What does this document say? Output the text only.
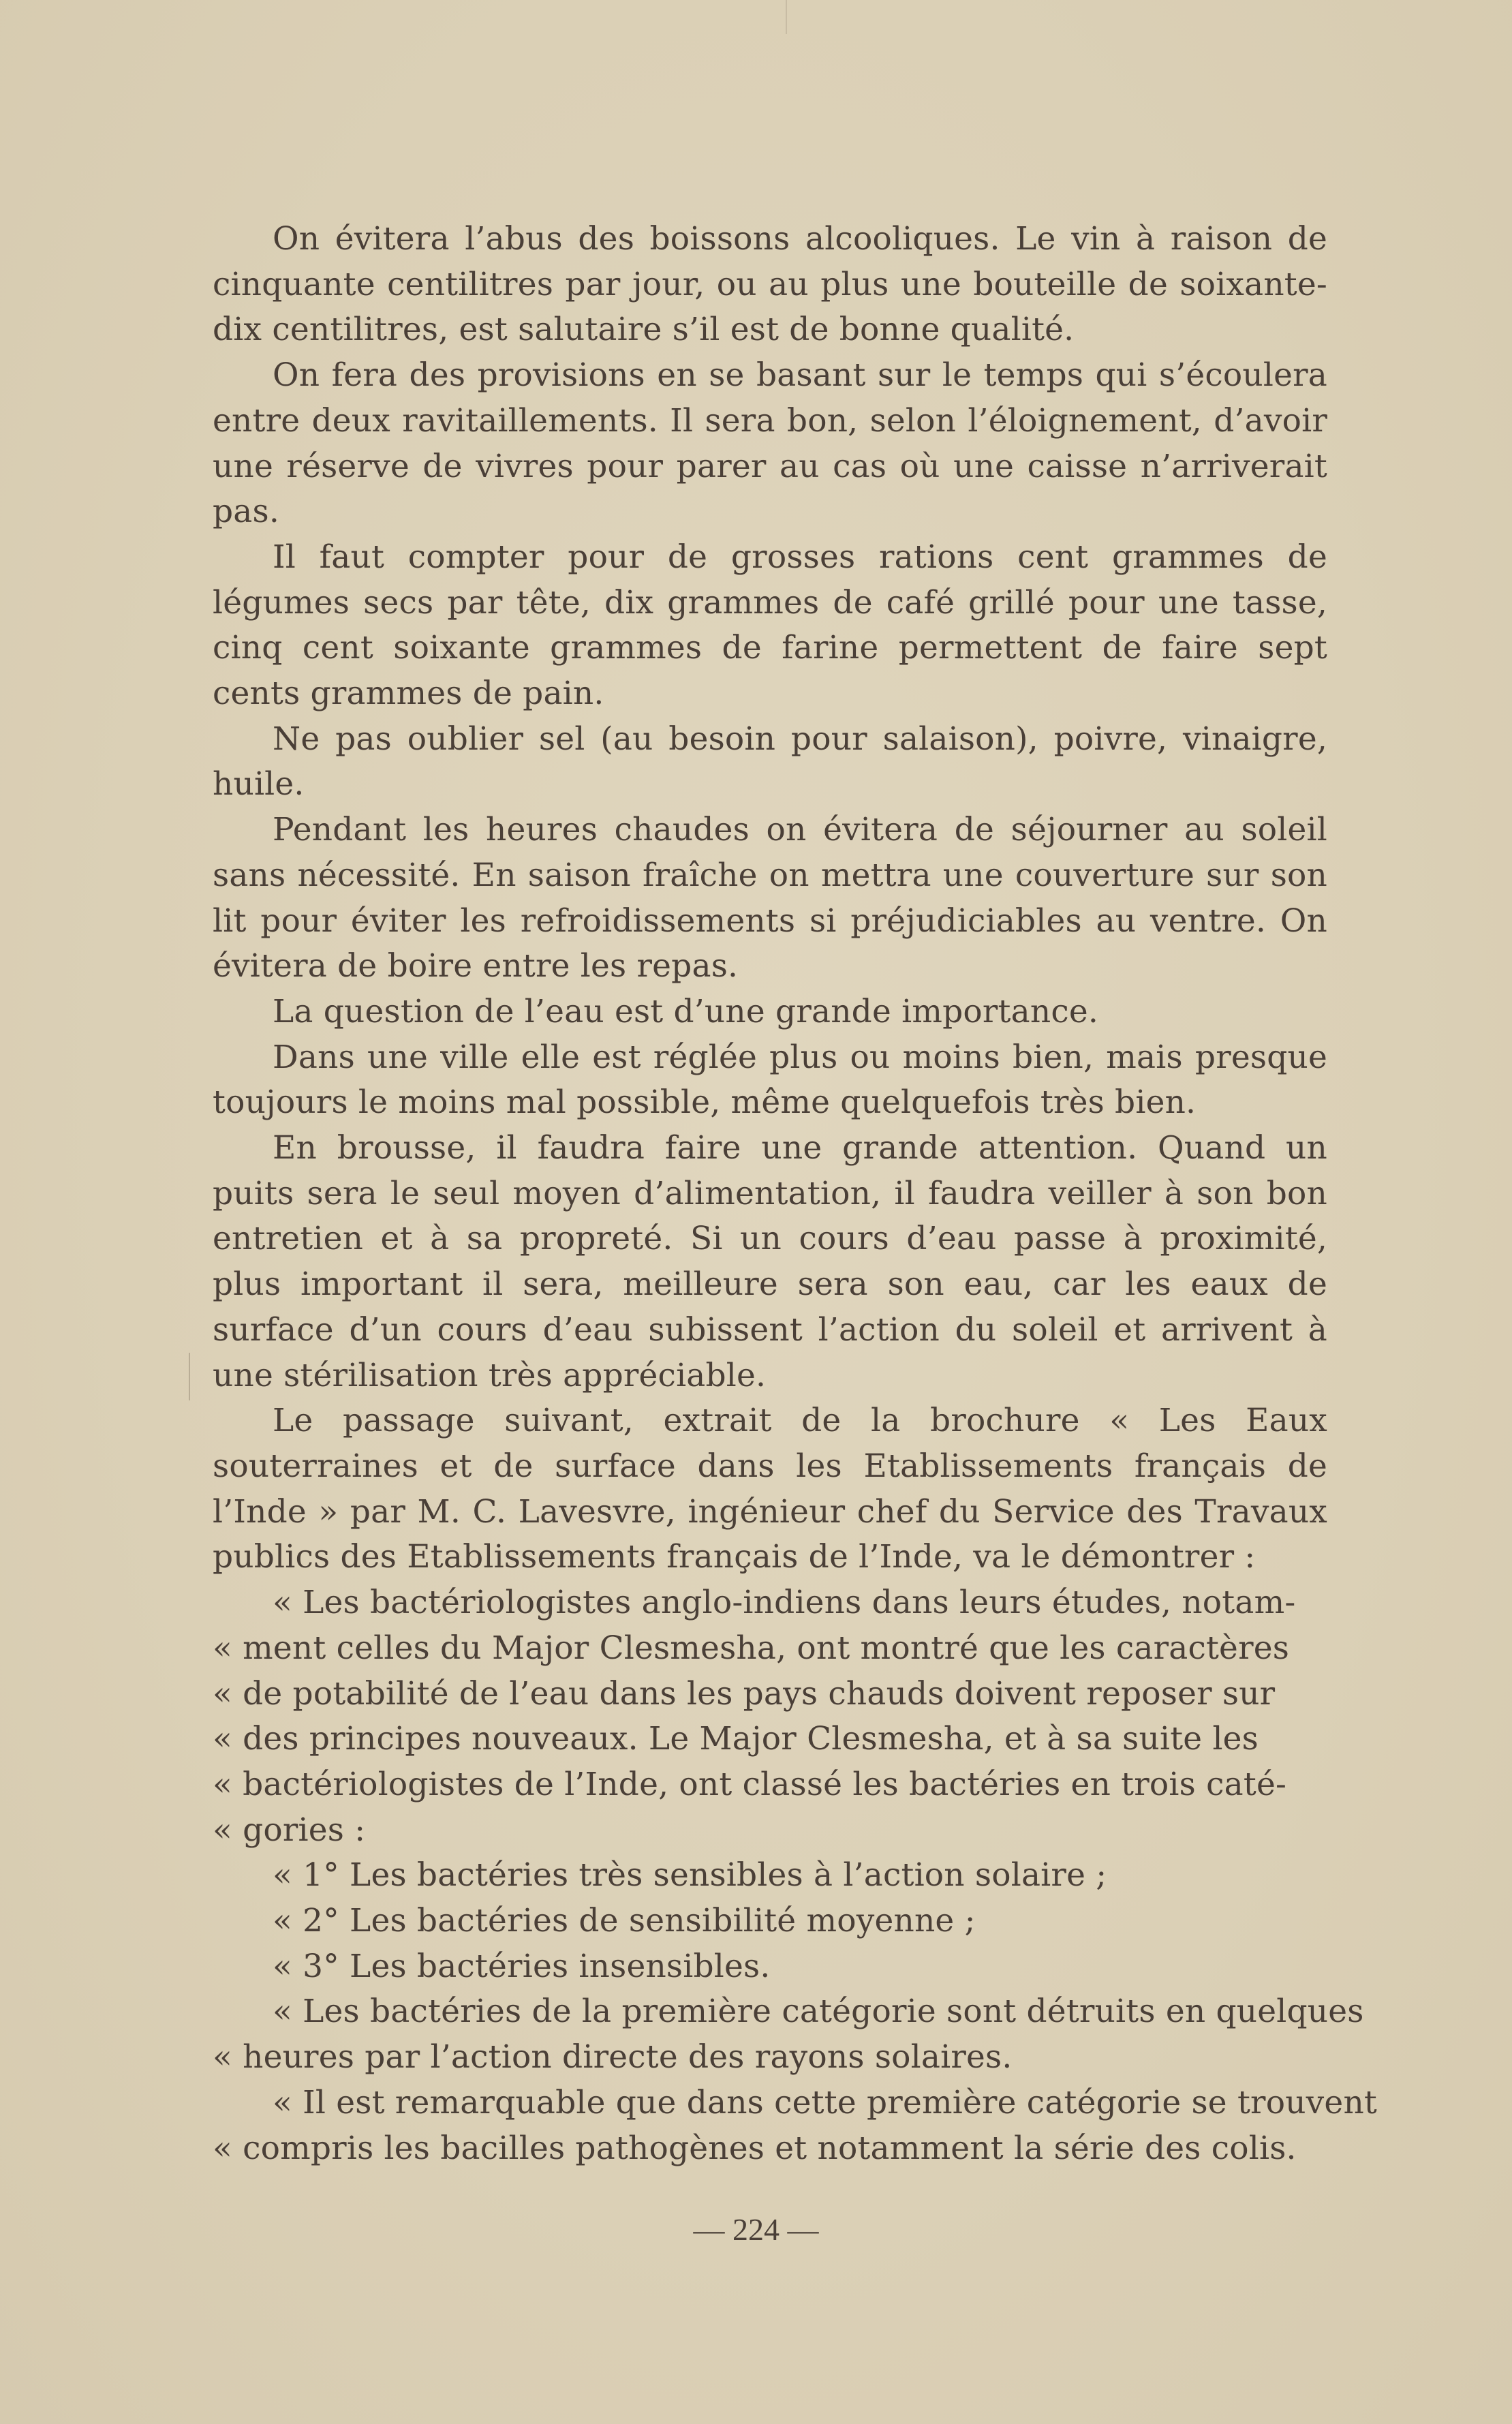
On évitera l’abus des boissons alcooliques. Le vin à raison de cinquante centilitres par jour, ou au plus une bouteille de soixante-dix centilitres, est salutaire s’il est de bonne qualité.

On fera des provisions en se basant sur le temps qui s’écoulera entre deux ravitaillements. Il sera bon, selon l’éloignement, d’avoir une réserve de vivres pour parer au cas où une caisse n’arriverait pas.

Il faut compter pour de grosses rations cent grammes de légumes secs par tête, dix grammes de café grillé pour une tasse, cinq cent soixante grammes de farine permettent de faire sept cents grammes de pain.

Ne pas oublier sel (au besoin pour salaison), poivre, vinaigre, huile.

Pendant les heures chaudes on évitera de séjourner au soleil sans nécessité. En saison fraîche on mettra une couverture sur son lit pour éviter les refroidissements si préjudiciables au ventre. On évitera de boire entre les repas.

La question de l’eau est d’une grande importance.

Dans une ville elle est réglée plus ou moins bien, mais presque toujours le moins mal possible, même quelquefois très bien.

En brousse, il faudra faire une grande attention. Quand un puits sera le seul moyen d’alimentation, il faudra veiller à son bon entretien et à sa propreté. Si un cours d’eau passe à proximité, plus important il sera, meilleure sera son eau, car les eaux de surface d’un cours d’eau subissent l’action du soleil et arrivent à une stérilisation très appréciable.

Le passage suivant, extrait de la brochure « Les Eaux souterraines et de surface dans les Etablissements français de l’Inde » par M. C. Lavesvre, ingénieur chef du Service des Travaux publics des Etablissements français de l’Inde, va le démontrer :

« Les bactériologistes anglo-indiens dans leurs études, notam-

« ment celles du Major Clesmesha, ont montré que les caractères

« de potabilité de l’eau dans les pays chauds doivent reposer sur

« des principes nouveaux. Le Major Clesmesha, et à sa suite les

« bactériologistes de l’Inde, ont classé les bactéries en trois caté-

« gories :

« 1° Les bactéries très sensibles à l’action solaire ;

« 2° Les bactéries de sensibilité moyenne ;

« 3° Les bactéries insensibles.

« Les bactéries de la première catégorie sont détruits en quelques

« heures par l’action directe des rayons solaires.

« Il est remarquable que dans cette première catégorie se trouvent

« compris les bacilles pathogènes et notamment la série des colis.

— 224 —
